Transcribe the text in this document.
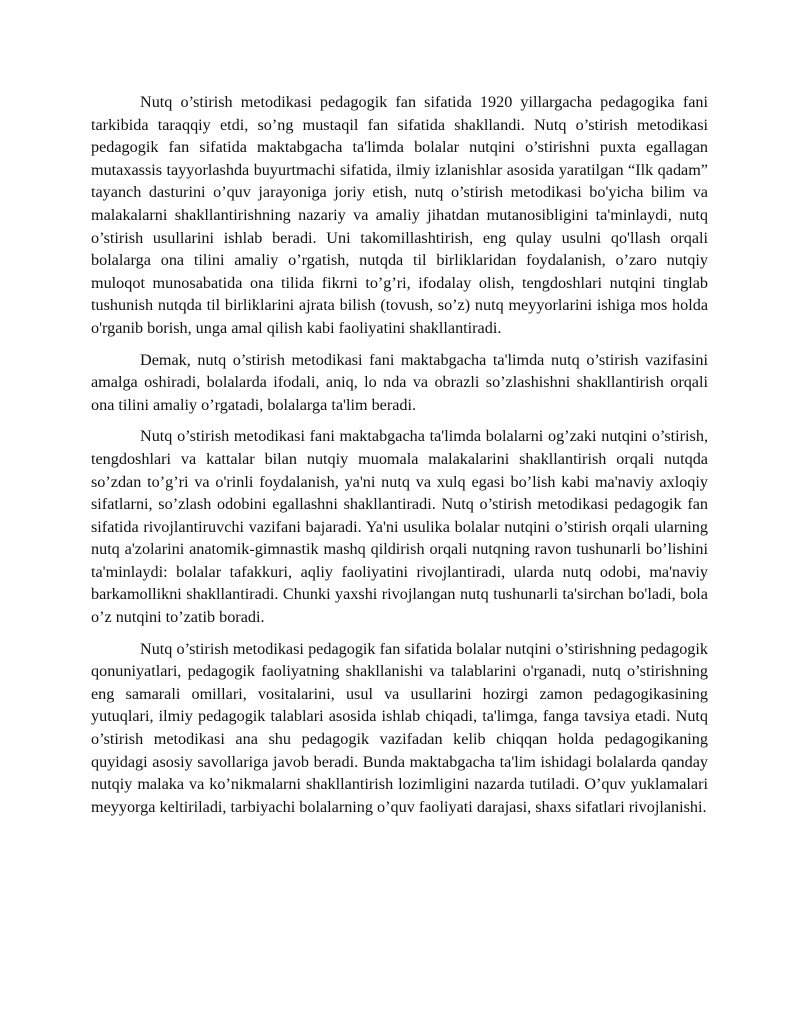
Nutq o’stirish metodikasi pedagogik fan sifatida 1920 yillargacha pedagogika fani tarkibida taraqqiy etdi, so’ng mustaqil fan sifatida shakllandi. Nutq o’stirish metodikasi pedagogik fan sifatida maktabgacha ta'limda bolalar nutqini o’stirishni puxta egallagan mutaxassis tayyorlashda buyurtmachi sifatida, ilmiy izlanishlar asosida yaratilgan “Ilk qadam” tayanch dasturini o’quv jarayoniga joriy etish, nutq o’stirish metodikasi bo'yicha bilim va malakalarni shakllantirishning nazariy va amaliy jihatdan mutanosibligini ta'minlaydi, nutq o’stirish usullarini ishlab beradi. Uni takomillashtirish, eng qulay usulni qo'llash orqali bolalarga ona tilini amaliy o’rgatish, nutqda til birliklaridan foydalanish, o’zaro nutqiy muloqot munosabatida ona tilida fikrni to’g’ri, ifodalay olish, tengdoshlari nutqini tinglab tushunish nutqda til birliklarini ajrata bilish (tovush, so’z) nutq meyyorlarini ishiga mos holda o'rganib borish, unga amal qilish kabi faoliyatini shakllantiradi.

Demak, nutq o’stirish metodikasi fani maktabgacha ta'limda nutq o’stirish vazifasini amalga oshiradi, bolalarda ifodali, aniq, lo nda va obrazli so’zlashishni shakllantirish orqali ona tilini amaliy o’rgatadi, bolalarga ta'lim beradi.

Nutq o’stirish metodikasi fani maktabgacha ta'limda bolalarni og’zaki nutqini o’stirish, tengdoshlari va kattalar bilan nutqiy muomala malakalarini shakllantirish orqali nutqda so’zdan to’g’ri va o'rinli foydalanish, ya'ni nutq va xulq egasi bo’lish kabi ma'naviy axloqiy sifatlarni, so’zlash odobini egallashni shakllantiradi. Nutq o’stirish metodikasi pedagogik fan sifatida rivojlantiruvchi vazifani bajaradi. Ya'ni usulika bolalar nutqini o’stirish orqali ularning nutq a'zolarini anatomik-gimnastik mashq qildirish orqali nutqning ravon tushunarli bo’lishini ta'minlaydi: bolalar tafakkuri, aqliy faoliyatini rivojlantiradi, ularda nutq odobi, ma'naviy barkamollikni shakllantiradi. Chunki yaxshi rivojlangan nutq tushunarli ta'sirchan bo'ladi, bola o’z nutqini to’zatib boradi.

Nutq o’stirish metodikasi pedagogik fan sifatida bolalar nutqini o’stirishning pedagogik qonuniyatlari, pedagogik faoliyatning shakllanishi va talablarini o'rganadi, nutq o’stirishning eng samarali omillari, vositalarini, usul va usullarini hozirgi zamon pedagogikasining yutuqlari, ilmiy pedagogik talablari asosida ishlab chiqadi, ta'limga, fanga tavsiya etadi. Nutq o’stirish metodikasi ana shu pedagogik vazifadan kelib chiqqan holda pedagogikaning quyidagi asosiy savollariga javob beradi. Bunda maktabgacha ta'lim ishidagi bolalarda qanday nutqiy malaka va ko’nikmalarni shakllantirish lozimligini nazarda tutiladi. O’quv yuklamalari meyyorga keltiriladi, tarbiyachi bolalarning o’quv faoliyati darajasi, shaxs sifatlari rivojlanishi.
